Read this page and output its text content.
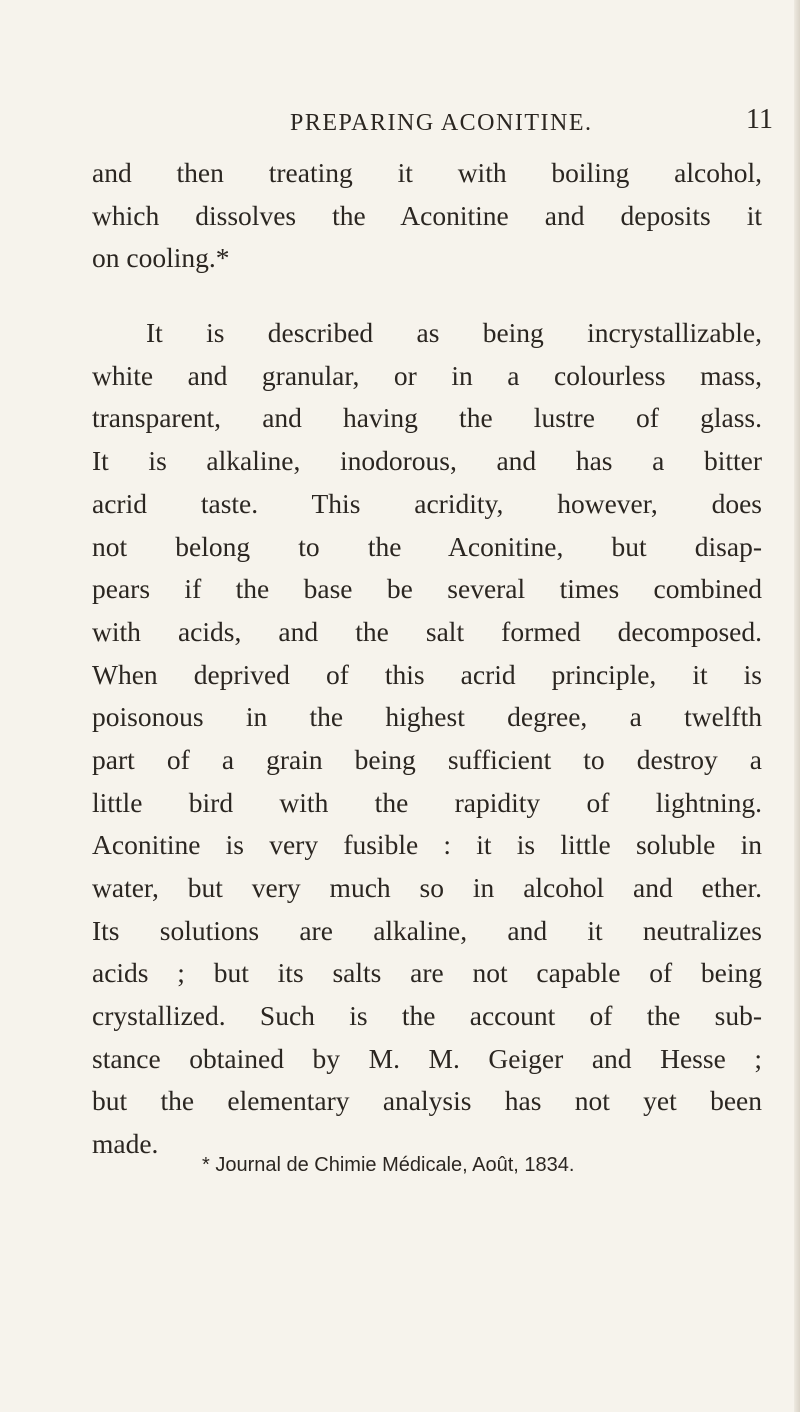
PREPARING ACONITINE.	11
and then treating it with boiling alcohol,
which dissolves the Aconitine and deposits it
on cooling.*
It is described as being incrystallizable,
white and granular, or in a colourless mass,
transparent, and having the lustre of glass.
It is alkaline, inodorous, and has a bitter
acrid taste. This acridity, however, does
not belong to the Aconitine, but disap-
pears if the base be several times combined
with acids, and the salt formed decomposed.
When deprived of this acrid principle, it is
poisonous in the highest degree, a twelfth
part of a grain being sufficient to destroy a
little bird with the rapidity of lightning.
Aconitine is very fusible : it is little soluble in
water, but very much so in alcohol and ether.
Its solutions are alkaline, and it neutralizes
acids ; but its salts are not capable of being
crystallized. Such is the account of the sub-
stance obtained by M. M. Geiger and Hesse ;
but the elementary analysis has not yet been
made.
* Journal de Chimie Médicale, Août, 1834.
